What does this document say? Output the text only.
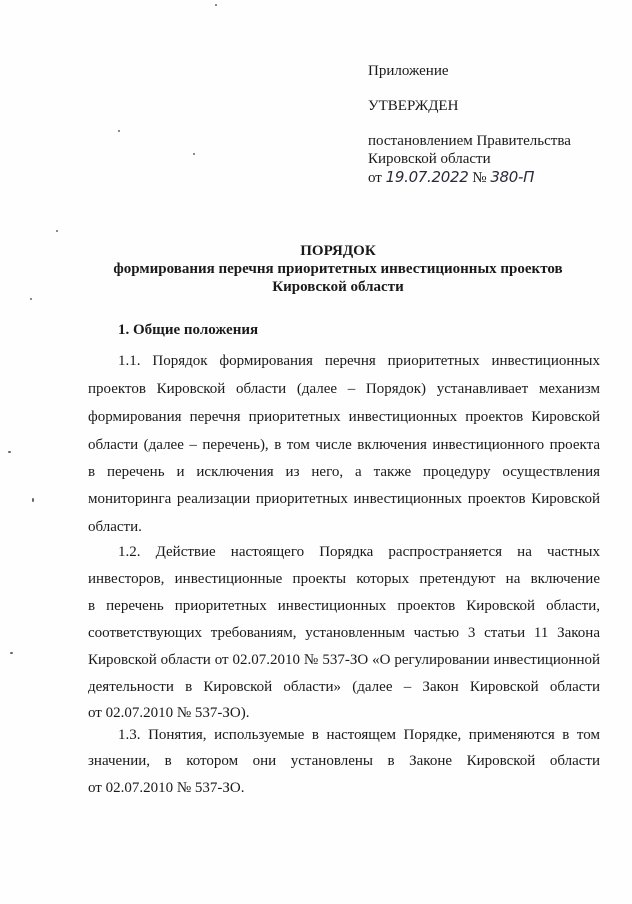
Приложение
УТВЕРЖДЕН
постановлением Правительства
Кировской области
от 19.07.2022 № 380-П
ПОРЯДОК
формирования перечня приоритетных инвестиционных проектов
Кировской области
1. Общие положения
1.1. Порядок формирования перечня приоритетных инвестиционных
проектов Кировской области (далее – Порядок) устанавливает механизм
формирования перечня приоритетных инвестиционных проектов Кировской
области (далее – перечень), в том числе включения инвестиционного проекта
в перечень и исключения из него, а также процедуру осуществления
мониторинга реализации приоритетных инвестиционных проектов Кировской
области.
1.2. Действие настоящего Порядка распространяется на частных
инвесторов, инвестиционные проекты которых претендуют на включение
в перечень приоритетных инвестиционных проектов Кировской области,
соответствующих требованиям, установленным частью 3 статьи 11 Закона
Кировской области от 02.07.2010 № 537-ЗО «О регулировании инвестиционной
деятельности в Кировской области» (далее – Закон Кировской области
от 02.07.2010 № 537-ЗО).
1.3. Понятия, используемые в настоящем Порядке, применяются в том
значении, в котором они установлены в Законе Кировской области
от 02.07.2010 № 537-ЗО.
